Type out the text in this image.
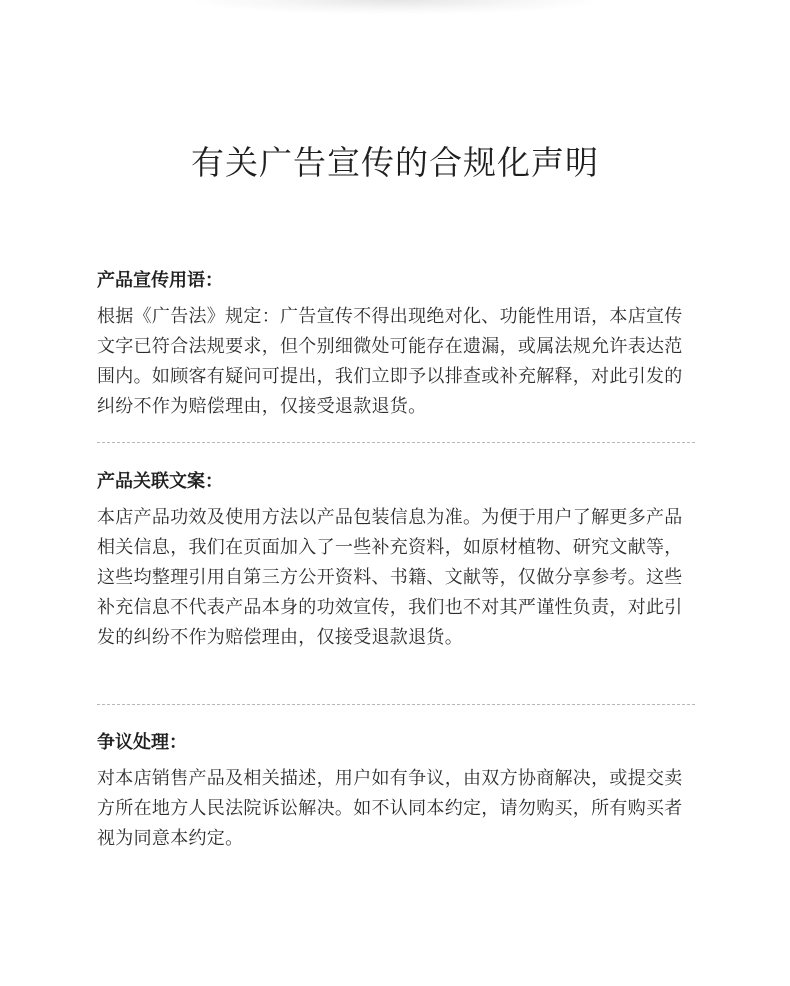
有关广告宣传的合规化声明
产品宣传用语：

根据《广告法》规定：广告宣传不得出现绝对化、功能性用语，本店宣传文字已符合法规要求，但个别细微处可能存在遗漏，或属法规允许表达范围内。如顾客有疑问可提出，我们立即予以排查或补充解释，对此引发的纠纷不作为赔偿理由，仅接受退款退货。

产品关联文案：

本店产品功效及使用方法以产品包装信息为准。为便于用户了解更多产品相关信息，我们在页面加入了一些补充资料，如原材植物、研究文献等，这些均整理引用自第三方公开资料、书籍、文献等，仅做分享参考。这些补充信息不代表产品本身的功效宣传，我们也不对其严谨性负责，对此引发的纠纷不作为赔偿理由，仅接受退款退货。

争议处理：

对本店销售产品及相关描述，用户如有争议，由双方协商解决，或提交卖方所在地方人民法院诉讼解决。如不认同本约定，请勿购买，所有购买者视为同意本约定。
